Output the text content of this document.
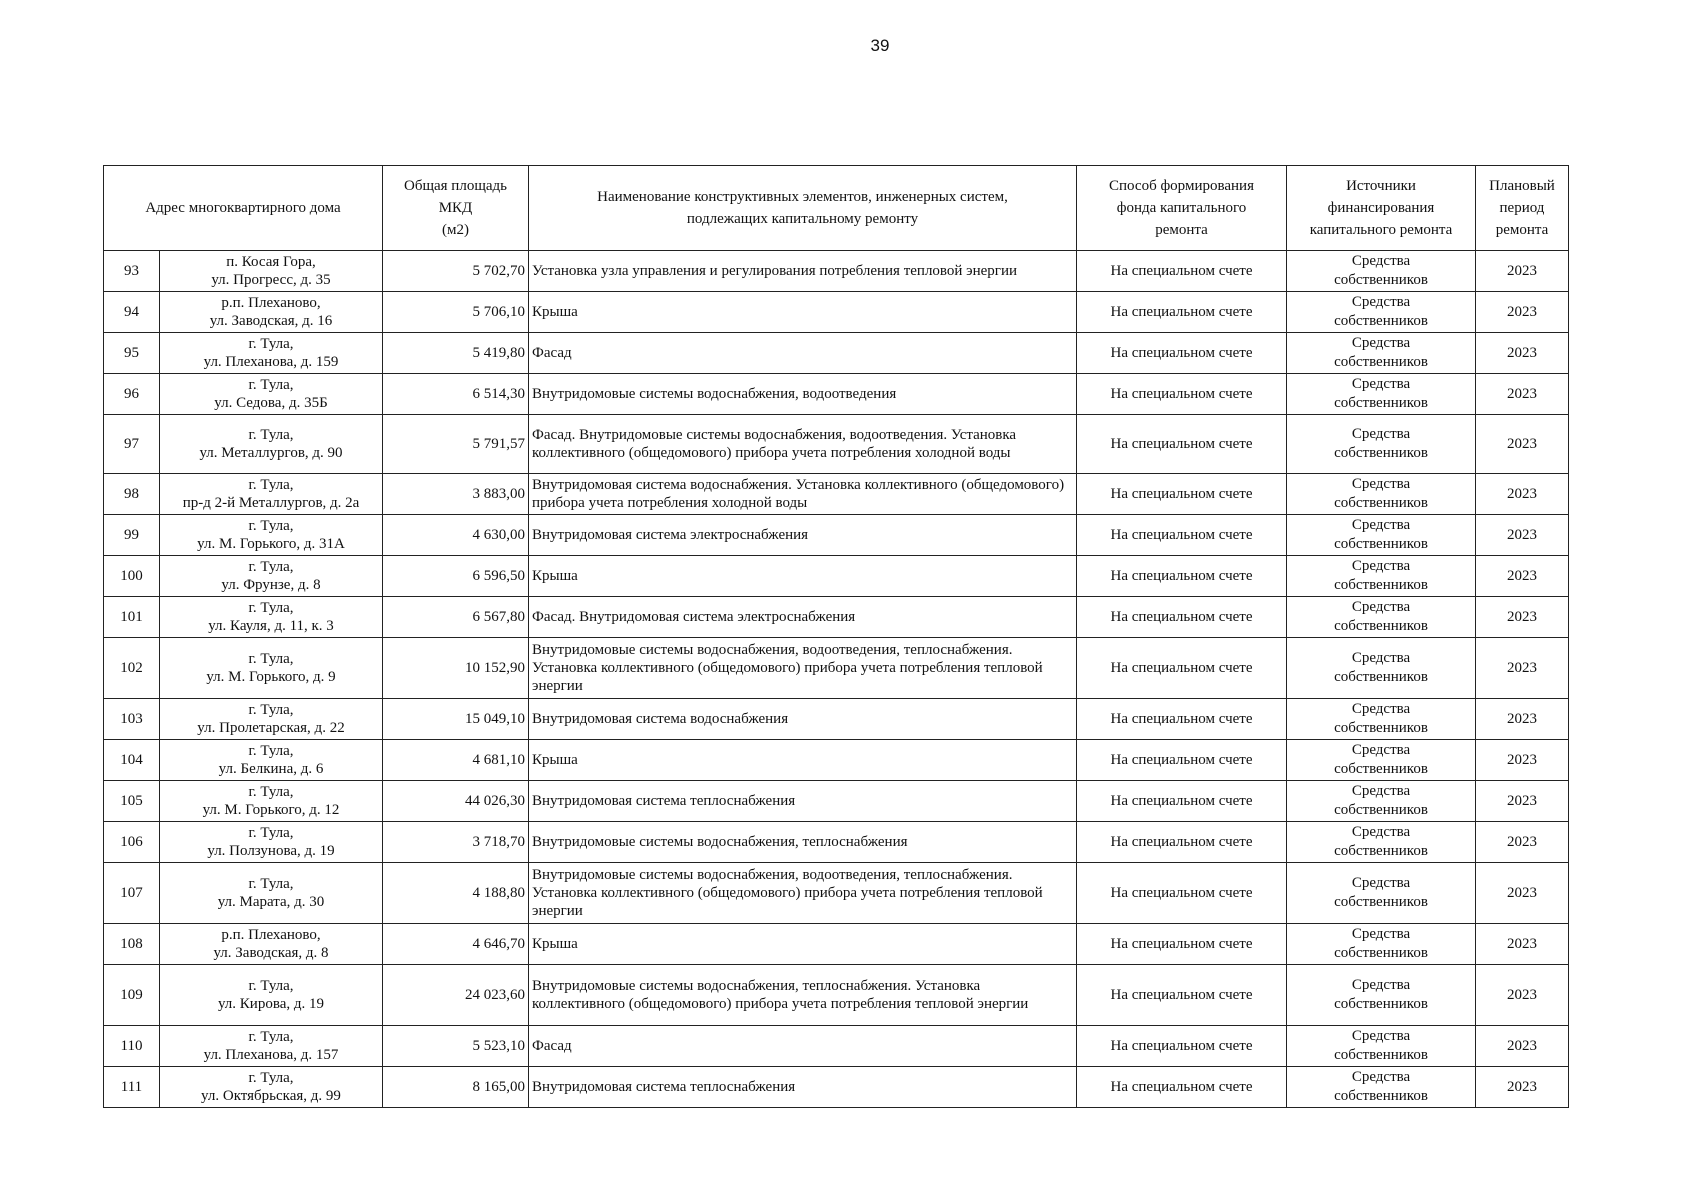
39
Адрес многоквартирного дома		Общая площадь
МКД
(м2)	Наименование конструктивных элементов, инженерных систем,
подлежащих капитальному ремонту	Способ формирования
фонда капитального
ремонта	Источники
финансирования
капитального ремонта	Плановый
период
ремонта
93	п. Косая Гора,
ул. Прогресс, д. 35	5 702,70	Установка узла управления и регулирования потребления тепловой энергии	На специальном счете	Средства
собственников	2023
94	р.п. Плеханово,
ул. Заводская, д. 16	5 706,10	Крыша	На специальном счете	Средства
собственников	2023
95	г. Тула,
ул. Плеханова, д. 159	5 419,80	Фасад	На специальном счете	Средства
собственников	2023
96	г. Тула,
ул. Седова, д. 35Б	6 514,30	Внутридомовые системы водоснабжения, водоотведения	На специальном счете	Средства
собственников	2023
97	г. Тула,
ул. Металлургов, д. 90	5 791,57	Фасад. Внутридомовые системы водоснабжения, водоотведения. Установка коллективного (общедомового) прибора учета потребления холодной воды	На специальном счете	Средства
собственников	2023
98	г. Тула,
пр-д 2-й Металлургов, д. 2а	3 883,00	Внутридомовая система водоснабжения. Установка коллективного (общедомового) прибора учета потребления холодной воды	На специальном счете	Средства
собственников	2023
99	г. Тула,
ул. М. Горького, д. 31А	4 630,00	Внутридомовая система электроснабжения	На специальном счете	Средства
собственников	2023
100	г. Тула,
ул. Фрунзе, д. 8	6 596,50	Крыша	На специальном счете	Средства
собственников	2023
101	г. Тула,
ул. Кауля, д. 11, к. 3	6 567,80	Фасад. Внутридомовая система электроснабжения	На специальном счете	Средства
собственников	2023
102	г. Тула,
ул. М. Горького, д. 9	10 152,90	Внутридомовые системы водоснабжения, водоотведения, теплоснабжения. Установка коллективного (общедомового) прибора учета потребления тепловой энергии	На специальном счете	Средства
собственников	2023
103	г. Тула,
ул. Пролетарская, д. 22	15 049,10	Внутридомовая система водоснабжения	На специальном счете	Средства
собственников	2023
104	г. Тула,
ул. Белкина, д. 6	4 681,10	Крыша	На специальном счете	Средства
собственников	2023
105	г. Тула,
ул. М. Горького, д. 12	44 026,30	Внутридомовая система теплоснабжения	На специальном счете	Средства
собственников	2023
106	г. Тула,
ул. Ползунова, д. 19	3 718,70	Внутридомовые системы водоснабжения, теплоснабжения	На специальном счете	Средства
собственников	2023
107	г. Тула,
ул. Марата, д. 30	4 188,80	Внутридомовые системы водоснабжения, водоотведения, теплоснабжения. Установка коллективного (общедомового) прибора учета потребления тепловой энергии	На специальном счете	Средства
собственников	2023
108	р.п. Плеханово,
ул. Заводская, д. 8	4 646,70	Крыша	На специальном счете	Средства
собственников	2023
109	г. Тула,
ул. Кирова, д. 19	24 023,60	Внутридомовые системы водоснабжения, теплоснабжения. Установка коллективного (общедомового) прибора учета потребления тепловой энергии	На специальном счете	Средства
собственников	2023
110	г. Тула,
ул. Плеханова, д. 157	5 523,10	Фасад	На специальном счете	Средства
собственников	2023
111	г. Тула,
ул. Октябрьская, д. 99	8 165,00	Внутридомовая система теплоснабжения	На специальном счете	Средства
собственников	2023
